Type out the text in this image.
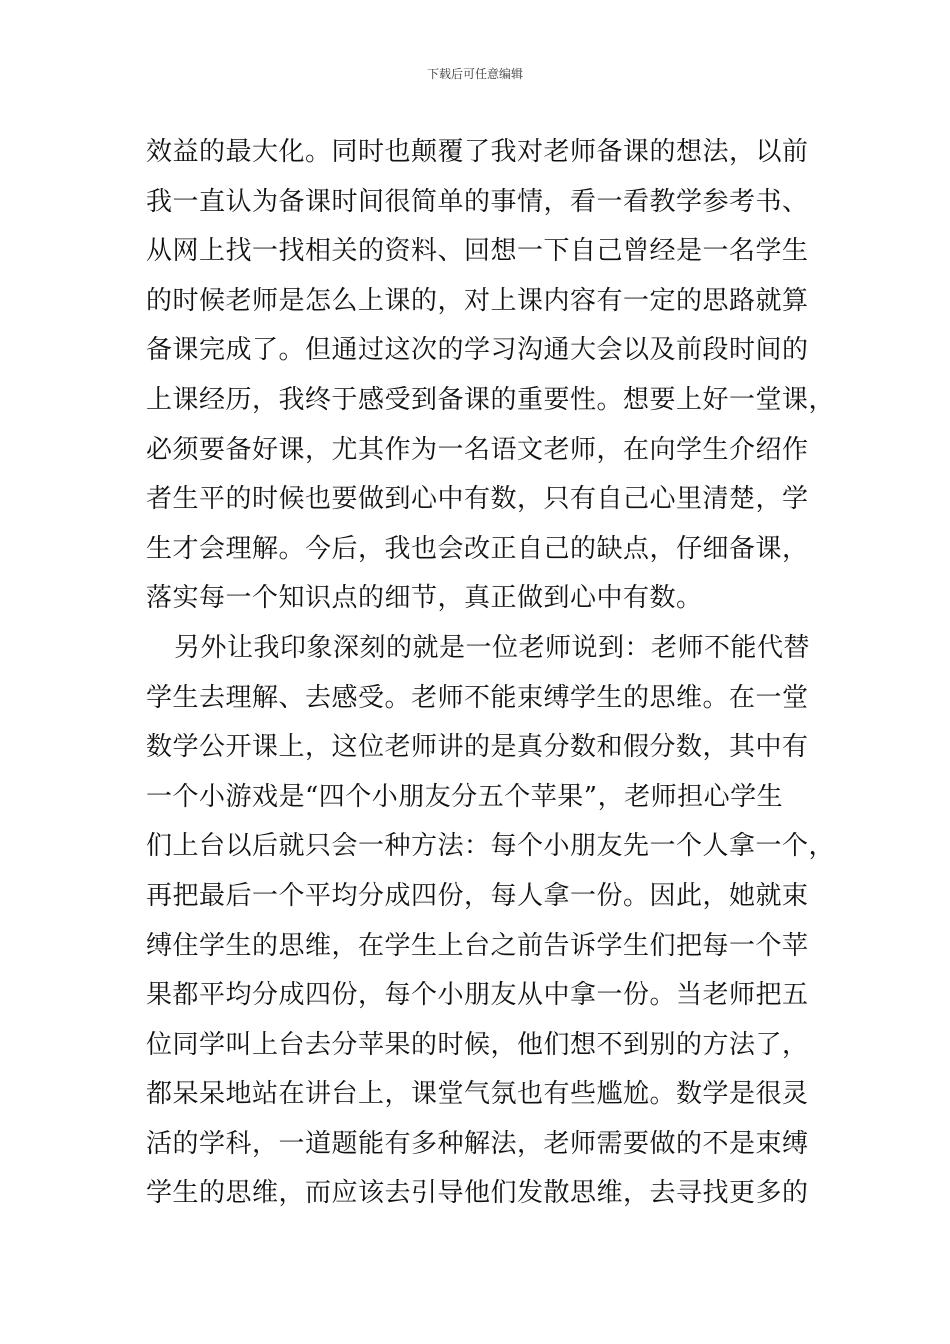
下载后可任意编辑
效益的最大化。同时也颠覆了我对老师备课的想法，以前
我一直认为备课时间很简单的事情，看一看教学参考书、
从网上找一找相关的资料、回想一下自己曾经是一名学生
的时候老师是怎么上课的，对上课内容有一定的思路就算
备课完成了。但通过这次的学习沟通大会以及前段时间的
上课经历，我终于感受到备课的重要性。想要上好一堂课，
必须要备好课，尤其作为一名语文老师，在向学生介绍作
者生平的时候也要做到心中有数，只有自己心里清楚，学
生才会理解。今后，我也会改正自己的缺点，仔细备课，
落实每一个知识点的细节，真正做到心中有数。
另外让我印象深刻的就是一位老师说到：老师不能代替
学生去理解、去感受。老师不能束缚学生的思维。在一堂
数学公开课上，这位老师讲的是真分数和假分数，其中有
一个小游戏是“四个小朋友分五个苹果”，老师担心学生
们上台以后就只会一种方法：每个小朋友先一个人拿一个，
再把最后一个平均分成四份，每人拿一份。因此，她就束
缚住学生的思维，在学生上台之前告诉学生们把每一个苹
果都平均分成四份，每个小朋友从中拿一份。当老师把五
位同学叫上台去分苹果的时候，他们想不到别的方法了，
都呆呆地站在讲台上，课堂气氛也有些尴尬。数学是很灵
活的学科，一道题能有多种解法，老师需要做的不是束缚
学生的思维，而应该去引导他们发散思维，去寻找更多的
